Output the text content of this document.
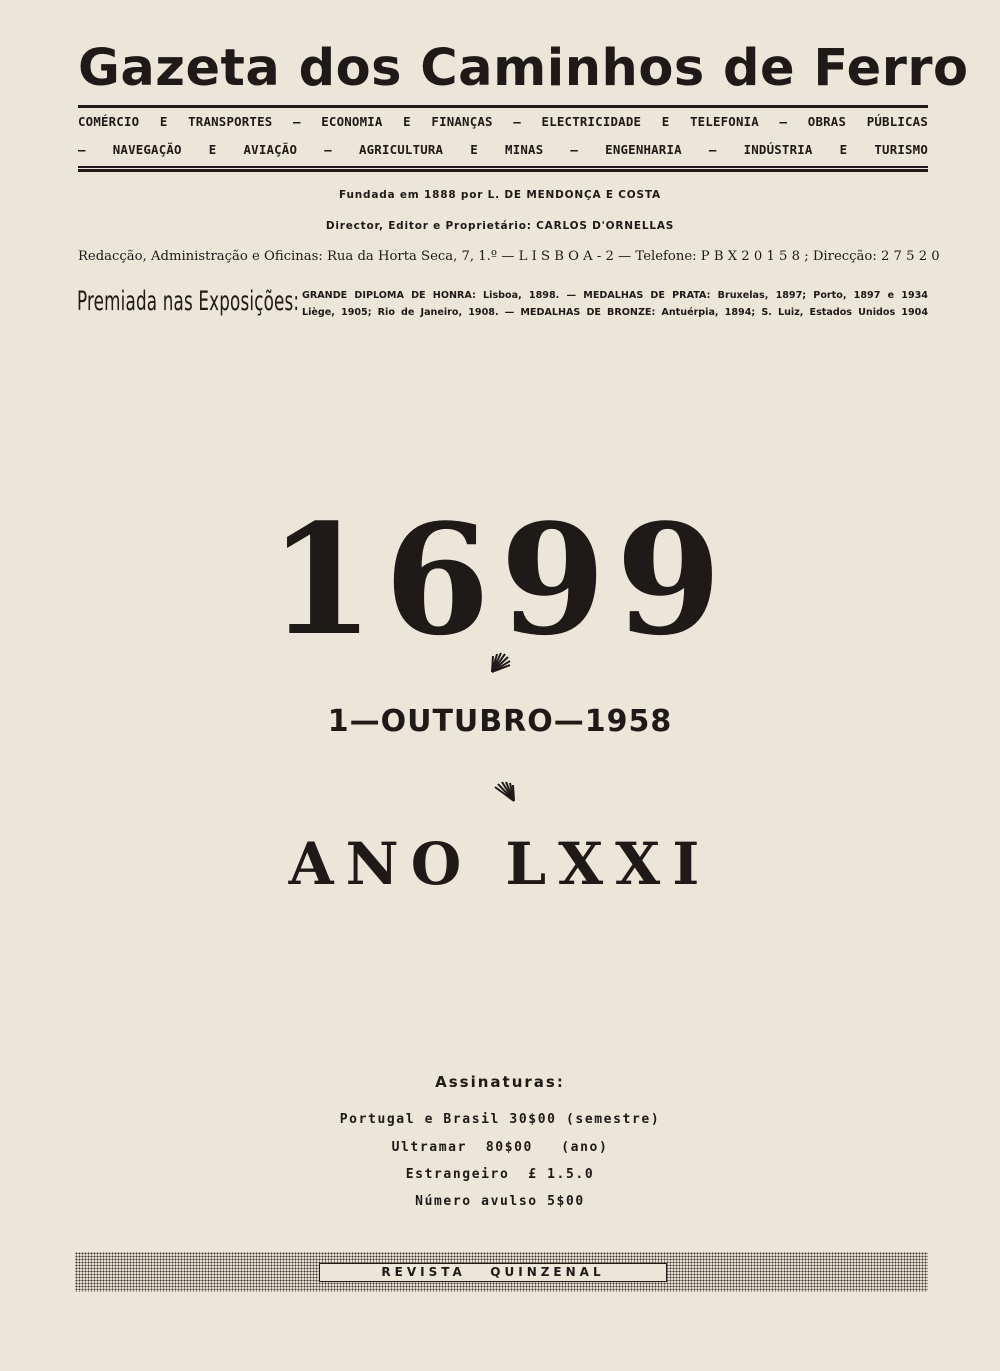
Gazeta dos Caminhos de Ferro
COMÉRCIO E TRANSPORTES — ECONOMIA E FINANÇAS — ELECTRICIDADE E TELEFONIA — OBRAS PÚBLICAS
— NAVEGAÇÃO E AVIAÇÃO — AGRICULTURA E MINAS — ENGENHARIA — INDÚSTRIA E TURISMO
Fundada em 1888 por L. DE MENDONÇA E COSTA
Director, Editor e Proprietário: CARLOS D'ORNELLAS
Redacção, Administração e Oficinas: Rua da Horta Seca, 7, 1.º — L I S B O A - 2 — Telefone: P B X 2 0 1 5 8 ; Direcção: 2 7 5 2 0
Premiada nas Exposições: GRANDE DIPLOMA DE HONRA: Lisboa, 1898. — MEDALHAS DE PRATA: Bruxelas, 1897; Porto, 1897 e 1934
Liège, 1905; Rio de Janeiro, 1908. — MEDALHAS DE BRONZE: Antuérpia, 1894; S. Luiz, Estados Unidos 1904
1699
1—OUTUBRO—1958
ANO LXXI
Assinaturas:
Portugal e Brasil 30$00 (semestre)
Ultramar  80$00   (ano)
Estrangeiro  £ 1.5.0
Número avulso 5$00
REVISTA   QUINZENAL
